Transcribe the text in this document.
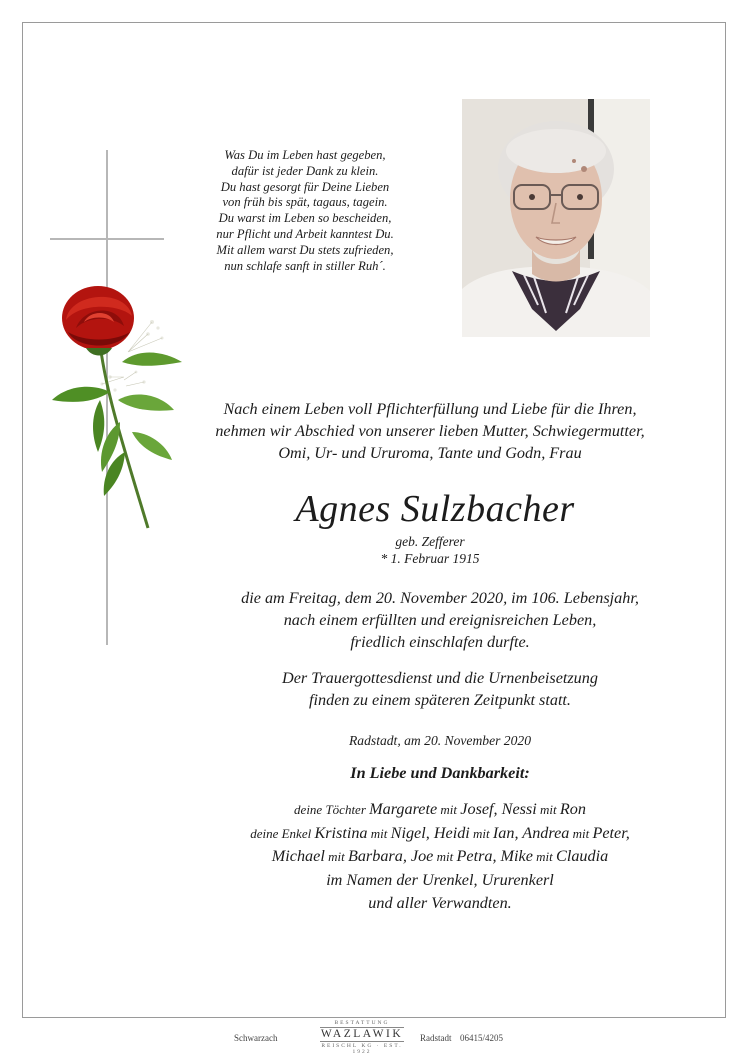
Was Du im Leben hast gegeben,
dafür ist jeder Dank zu klein.
Du hast gesorgt für Deine Lieben
von früh bis spät, tagaus, tagein.
Du warst im Leben so bescheiden,
nur Pflicht und Arbeit kanntest Du.
Mit allem warst Du stets zufrieden,
nun schlafe sanft in stiller Ruh´.
Nach einem Leben voll Pflichterfüllung und Liebe für die Ihren,
nehmen wir Abschied von unserer lieben Mutter, Schwiegermutter,
Omi, Ur- und Ururoma, Tante und Godn, Frau
Agnes Sulzbacher
geb. Zefferer
* 1. Februar 1915
die am Freitag, dem 20. November 2020, im 106. Lebensjahr,
nach einem erfüllten und ereignisreichen Leben,
friedlich einschlafen durfte.
Der Trauergottesdienst und die Urnenbeisetzung
finden zu einem späteren Zeitpunkt statt.
Radstadt, am 20. November 2020
In Liebe und Dankbarkeit:
deine Töchter Margarete mit Josef, Nessi mit Ron
deine Enkel Kristina mit Nigel, Heidi mit Ian, Andrea mit Peter,
Michael mit Barbara, Joe mit Petra, Mike mit Claudia
im Namen der Urenkel, Ururenkerl
und aller Verwandten.
Schwarzach
BESTATTUNG
WAZLAWIK
REISCHL KG · EST. 1922
Radstadt 06415/4205
